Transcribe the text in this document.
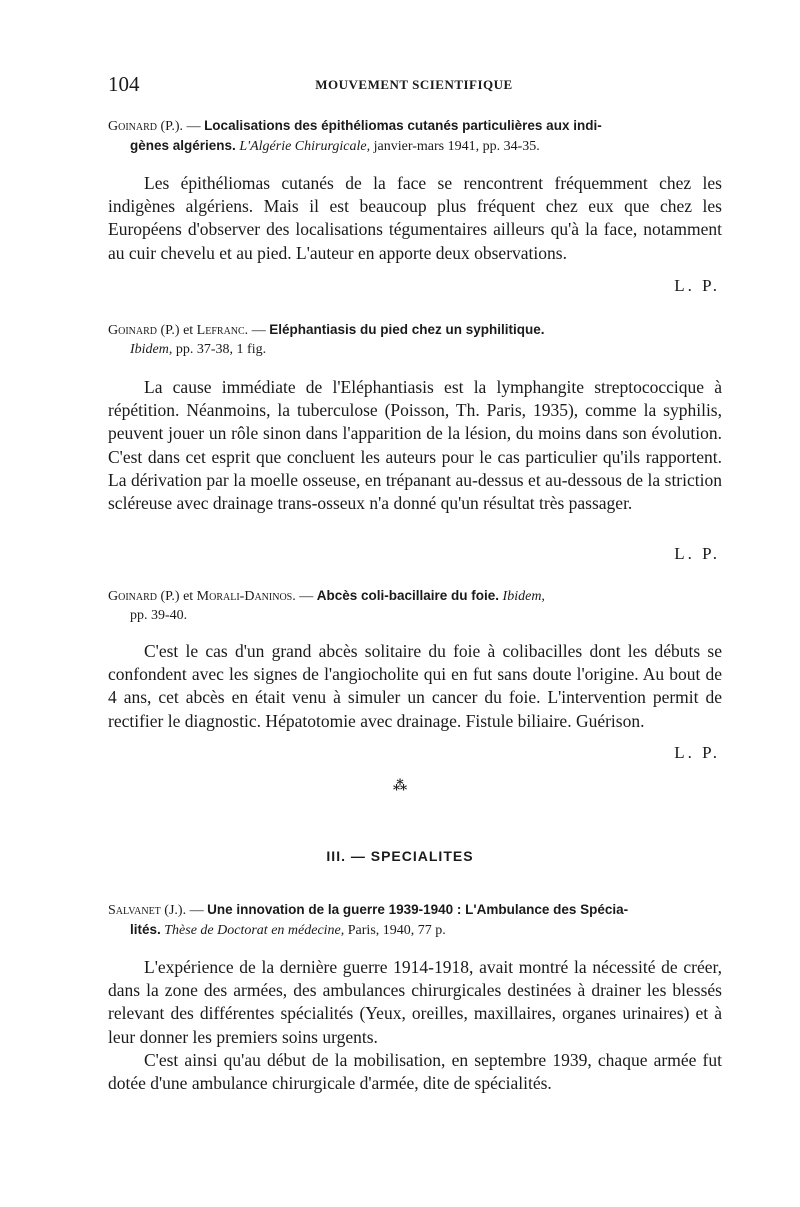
104	MOUVEMENT SCIENTIFIQUE
Goinard (P.). — Localisations des épithéliomas cutanés particulières aux indi-
gènes algériens. L'Algérie Chirurgicale, janvier-mars 1941, pp. 34-35.

Les épithéliomas cutanés de la face se rencontrent fréquemment chez les indigènes algériens. Mais il est beaucoup plus fréquent chez eux que chez les Européens d'observer des localisations tégumentaires ailleurs qu'à la face, notamment au cuir chevelu et au pied. L'auteur en apporte deux observations.

L. P.
Goinard (P.) et Lefranc. — Eléphantiasis du pied chez un syphilitique.
Ibidem, pp. 37-38, 1 fig.

La cause immédiate de l'Eléphantiasis est la lymphangite streptococcique à répétition. Néanmoins, la tuberculose (Poisson, Th. Paris, 1935), comme la syphilis, peuvent jouer un rôle sinon dans l'apparition de la lésion, du moins dans son évolution. C'est dans cet esprit que concluent les auteurs pour le cas particulier qu'ils rapportent. La dérivation par la moelle osseuse, en trépanant au-dessus et au-dessous de la striction scléreuse avec drainage trans-osseux n'a donné qu'un résultat très passager.

L. P.
Goinard (P.) et Morali-Daninos. — Abcès coli-bacillaire du foie. Ibidem,
pp. 39-40.

C'est le cas d'un grand abcès solitaire du foie à colibacilles dont les débuts se confondent avec les signes de l'angiocholite qui en fut sans doute l'origine. Au bout de 4 ans, cet abcès en était venu à simuler un cancer du foie. L'intervention permit de rectifier le diagnostic. Hépatotomie avec drainage. Fistule biliaire. Guérison.

L. P.
⁂
III. — SPECIALITES
Salvanet (J.). — Une innovation de la guerre 1939-1940 : L'Ambulance des Spécia-
lités. Thèse de Doctorat en médecine, Paris, 1940, 77 p.

L'expérience de la dernière guerre 1914-1918, avait montré la nécessité de créer, dans la zone des armées, des ambulances chirurgicales destinées à drainer les blessés relevant des différentes spécialités (Yeux, oreilles, maxillaires, organes urinaires) et à leur donner les premiers soins urgents.

C'est ainsi qu'au début de la mobilisation, en septembre 1939, chaque armée fut dotée d'une ambulance chirurgicale d'armée, dite de spécialités.
